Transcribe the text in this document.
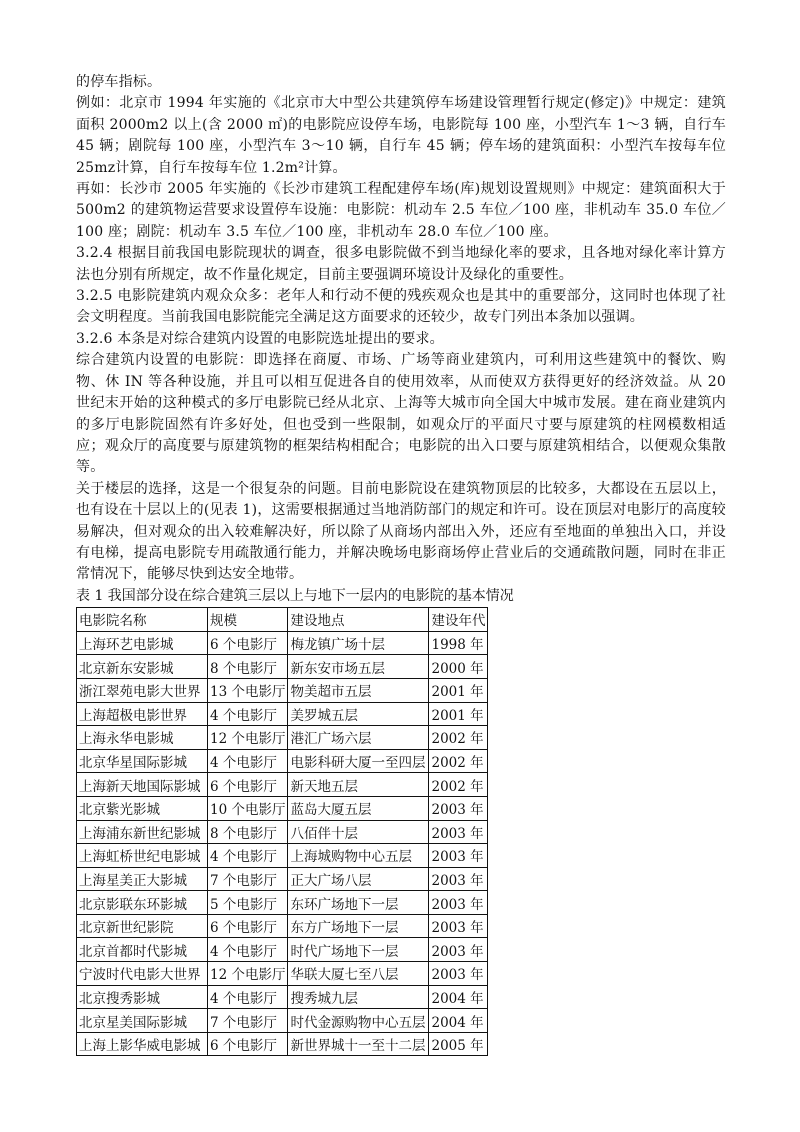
的停车指标。

例如：北京市 1994 年实施的《北京市大中型公共建筑停车场建设管理暂行规定(修定)》中规定：建筑面积 2000m2 以上(含 2000 ㎡)的电影院应设停车场，电影院每 100 座，小型汽车 1～3 辆，自行车 45 辆；剧院每 100 座，小型汽车 3～10 辆，自行车 45 辆；停车场的建筑面积：小型汽车按每车位 25mz计算，自行车按每车位 1.2m²计算。

再如：长沙市 2005 年实施的《长沙市建筑工程配建停车场(库)规划设置规则》中规定：建筑面积大于 500m2 的建筑物运营要求设置停车设施：电影院：机动车 2.5 车位／100 座，非机动车 35.0 车位／100 座；剧院：机动车 3.5 车位／100 座，非机动车 28.0 车位／100 座。

3.2.4 根据目前我国电影院现状的调查，很多电影院做不到当地绿化率的要求，且各地对绿化率计算方法也分别有所规定，故不作量化规定，目前主要强调环境设计及绿化的重要性。

3.2.5 电影院建筑内观众众多：老年人和行动不便的残疾观众也是其中的重要部分，这同时也体现了社会文明程度。当前我国电影院能完全满足这方面要求的还较少，故专门列出本条加以强调。

3.2.6 本条是对综合建筑内设置的电影院选址提出的要求。

综合建筑内设置的电影院：即选择在商厦、市场、广场等商业建筑内，可利用这些建筑中的餐饮、购物、休 IN 等各种设施，并且可以相互促进各自的使用效率，从而使双方获得更好的经济效益。从 20 世纪末开始的这种模式的多厅电影院已经从北京、上海等大城市向全国大中城市发展。建在商业建筑内的多厅电影院固然有许多好处，但也受到一些限制，如观众厅的平面尺寸要与原建筑的柱网模数相适应；观众厅的高度要与原建筑物的框架结构相配合；电影院的出入口要与原建筑相结合，以便观众集散等。

关于楼层的选择，这是一个很复杂的问题。目前电影院设在建筑物顶层的比较多，大都设在五层以上，也有设在十层以上的(见表 1)，这需要根据通过当地消防部门的规定和许可。设在顶层对电影厅的高度较易解决，但对观众的出入较难解决好，所以除了从商场内部出入外，还应有至地面的单独出入口，并设有电梯，提高电影院专用疏散通行能力，并解决晚场电影商场停止营业后的交通疏散问题，同时在非正常情况下，能够尽快到达安全地带。

表 1 我国部分设在综合建筑三层以上与地下一层内的电影院的基本情况

电影院名称	规模	建设地点	建设年代
上海环艺电影城	6 个电影厅	梅龙镇广场十层	1998 年
北京新东安影城	8 个电影厅	新东安市场五层	2000 年
浙江翠苑电影大世界	13 个电影厅	物美超市五层	2001 年
上海超极电影世界	4 个电影厅	美罗城五层	2001 年
上海永华电影城	12 个电影厅	港汇广场六层	2002 年
北京华星国际影城	4 个电影厅	电影科研大厦一至四层	2002 年
上海新天地国际影城	6 个电影厅	新天地五层	2002 年
北京紫光影城	10 个电影厅	蓝岛大厦五层	2003 年
上海浦东新世纪影城	8 个电影厅	八佰伴十层	2003 年
上海虹桥世纪电影城	4 个电影厅	上海城购物中心五层	2003 年
上海星美正大影城	7 个电影厅	正大广场八层	2003 年
北京影联东环影城	5 个电影厅	东环广场地下一层	2003 年
北京新世纪影院	6 个电影厅	东方广场地下一层	2003 年
北京首都时代影城	4 个电影厅	时代广场地下一层	2003 年
宁波时代电影大世界	12 个电影厅	华联大厦七至八层	2003 年
北京搜秀影城	4 个电影厅	搜秀城九层	2004 年
北京星美国际影城	7 个电影厅	时代金源购物中心五层	2004 年
上海上影华威电影城	6 个电影厅	新世界城十一至十二层	2005 年
